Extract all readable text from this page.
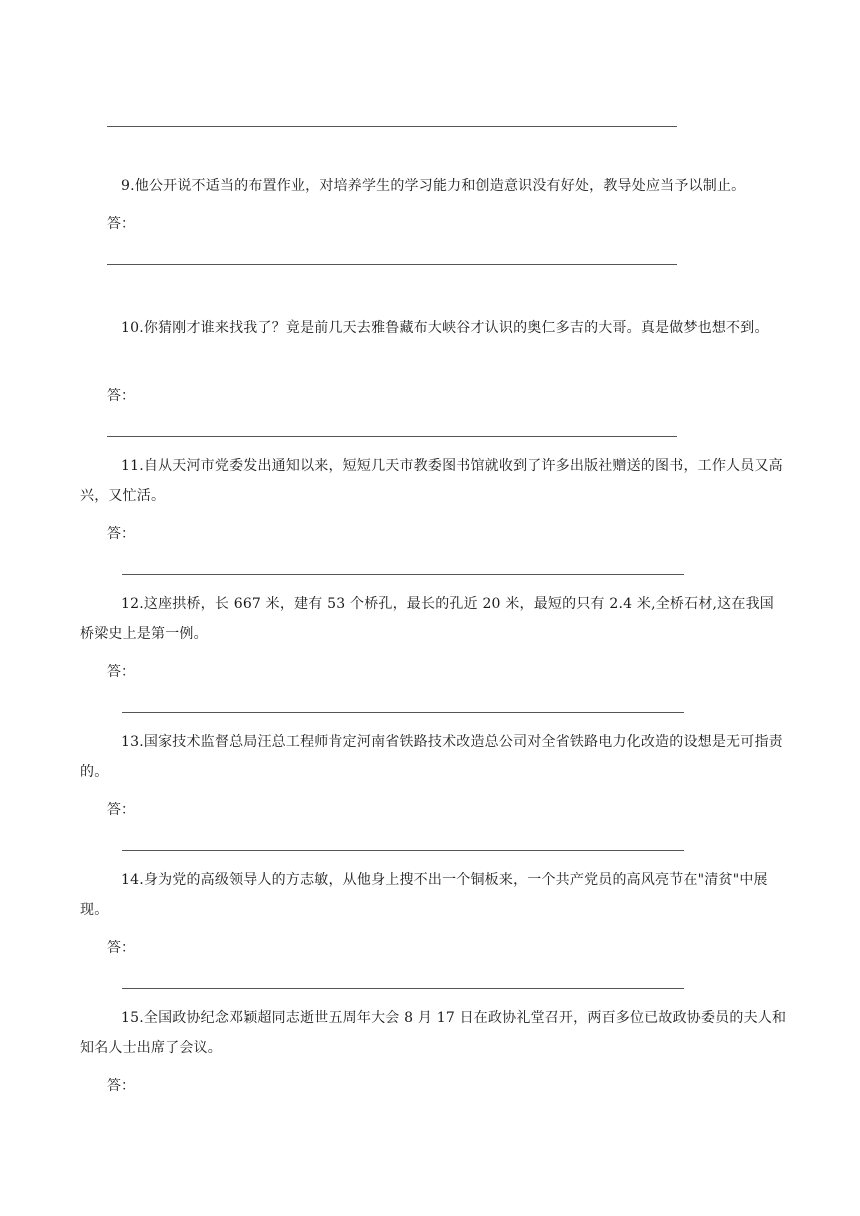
9.他公开说不适当的布置作业，对培养学生的学习能力和创造意识没有好处，教导处应当予以制止。

答：

10.你猜刚才谁来找我了？竟是前几天去雅鲁藏布大峡谷才认识的奥仁多吉的大哥。真是做梦也想不到。

答：

11.自从天河市党委发出通知以来，短短几天市教委图书馆就收到了许多出版社赠送的图书，工作人员又高兴，又忙活。

答：

12.这座拱桥，长 667 米，建有 53 个桥孔，最长的孔近 20 米，最短的只有 2.4 米,全桥石材,这在我国桥梁史上是第一例。

答：

13.国家技术监督总局汪总工程师肯定河南省铁路技术改造总公司对全省铁路电力化改造的设想是无可指责的。

答：

14.身为党的高级领导人的方志敏，从他身上搜不出一个铜板来，一个共产党员的高风亮节在"清贫"中展现。

答：

15.全国政协纪念邓颖超同志逝世五周年大会 8 月 17 日在政协礼堂召开，两百多位已故政协委员的夫人和知名人士出席了会议。

答：
